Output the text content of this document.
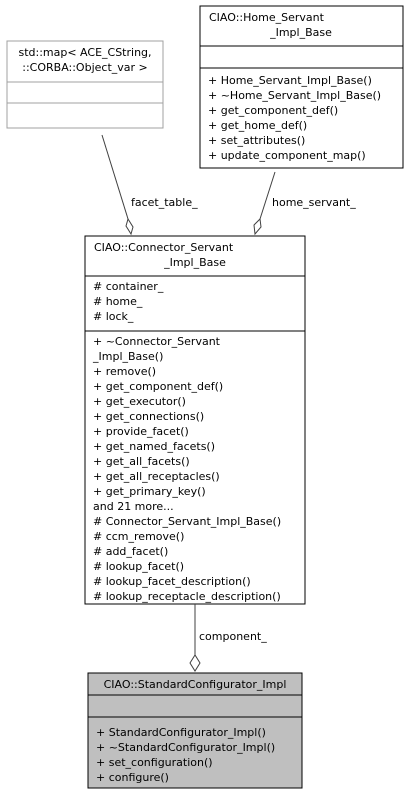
std::map< ACE_CString,
::CORBA::Object_var >
CIAO::Home_Servant
_Impl_Base
+ Home_Servant_Impl_Base()
+ ~Home_Servant_Impl_Base()
+ get_component_def()
+ get_home_def()
+ set_attributes()
+ update_component_map()
facet_table_	home_servant_
CIAO::Connector_Servant
_Impl_Base
# container_
# home_
# lock_
+ ~Connector_Servant
_Impl_Base()
+ remove()
+ get_component_def()
+ get_executor()
+ get_connections()
+ provide_facet()
+ get_named_facets()
+ get_all_facets()
+ get_all_receptacles()
+ get_primary_key()
and 21 more...
# Connector_Servant_Impl_Base()
# ccm_remove()
# add_facet()
# lookup_facet()
# lookup_facet_description()
# lookup_receptacle_description()
component_
CIAO::StandardConfigurator_Impl
+ StandardConfigurator_Impl()
+ ~StandardConfigurator_Impl()
+ set_configuration()
+ configure()
